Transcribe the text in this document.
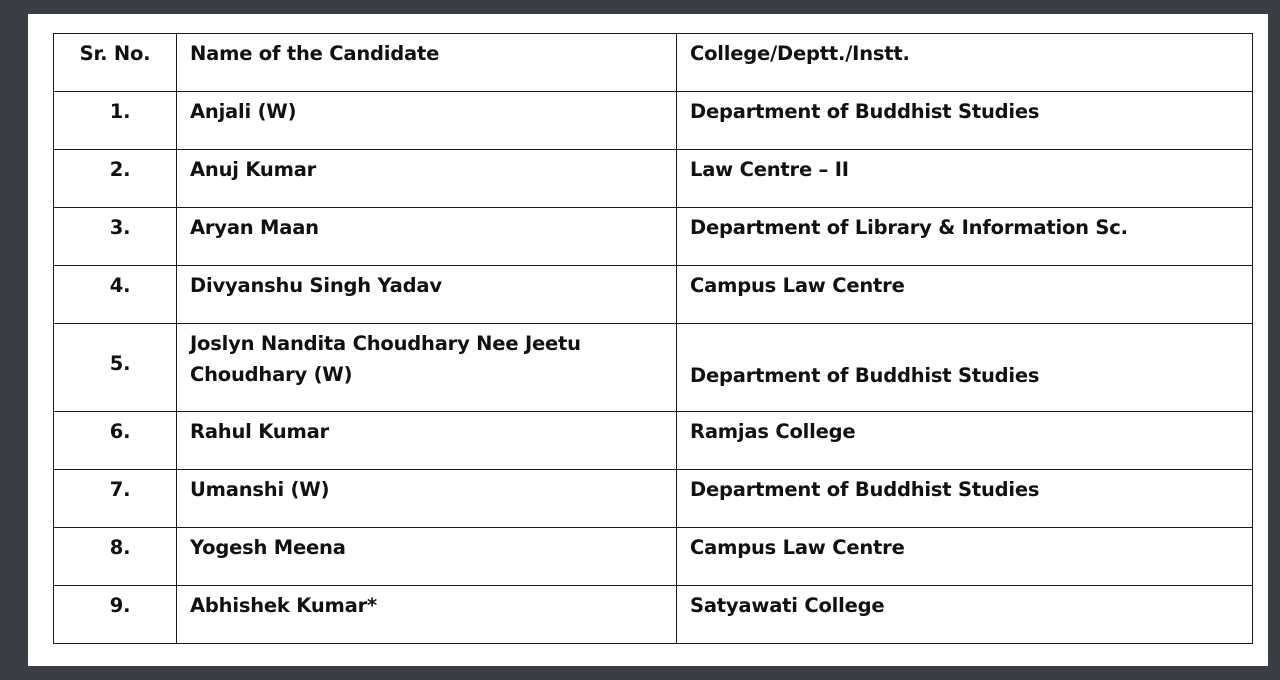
Sr. No.	Name of the Candidate	College/Deptt./Instt.
1.	Anjali (W)	Department of Buddhist Studies
2.	Anuj Kumar	Law Centre – II
3.	Aryan Maan	Department of Library & Information Sc.
4.	Divyanshu Singh Yadav	Campus Law Centre
5.	Joslyn Nandita Choudhary Nee Jeetu Choudhary (W)	Department of Buddhist Studies
6.	Rahul Kumar	Ramjas College
7.	Umanshi (W)	Department of Buddhist Studies
8.	Yogesh Meena	Campus Law Centre
9.	Abhishek Kumar*	Satyawati College
